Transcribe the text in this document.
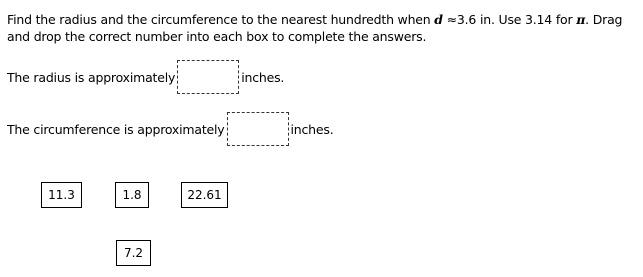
Find the radius and the circumference to the nearest hundredth when d ≈3.6 in. Use 3.14 for π. Drag and drop the correct number into each box to complete the answers.
The radius is approximately	inches.
The circumference is approximately	inches.
11.3	1.8	22.61
7.2
